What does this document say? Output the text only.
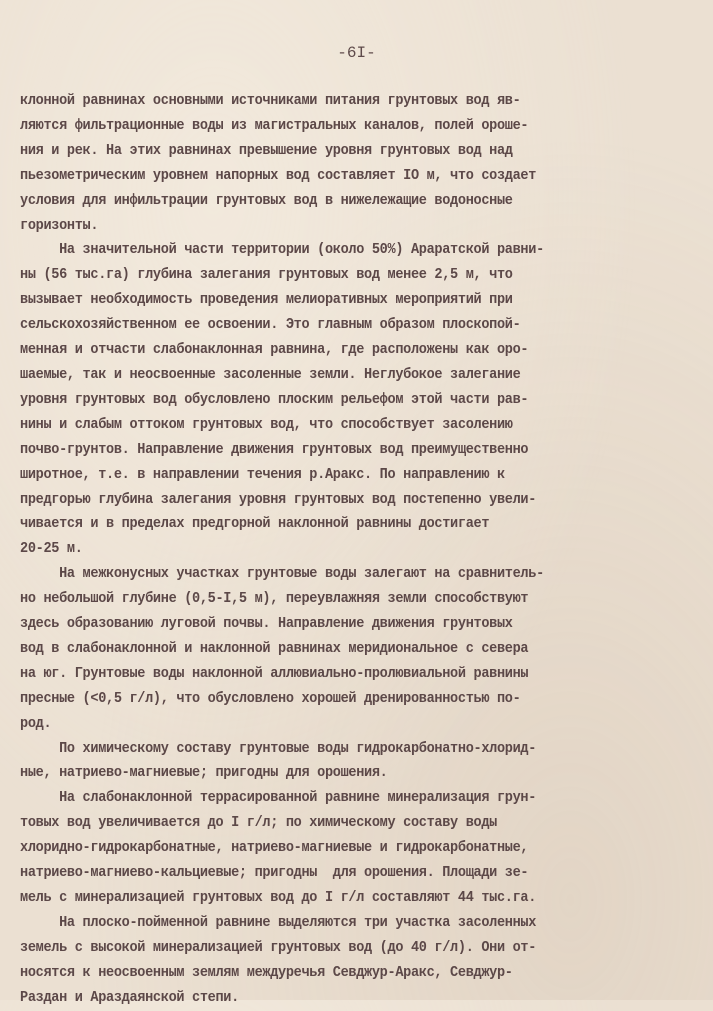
-6I-
клонной равнинах основными источниками питания грунтовых вод яв-
ляются фильтрационные воды из магистральных каналов, полей ороше-
ния и рек. На этих равнинах превышение уровня грунтовых вод над
пьезометрическим уровнем напорных вод составляет IO м, что создает
условия для инфильтрации грунтовых вод в нижележащие водоносные
горизонты.
На значительной части территории (около 50%) Араратской равни-
ны (56 тыс.га) глубина залегания грунтовых вод менее 2,5 м, что
вызывает необходимость проведения мелиоративных мероприятий при
сельскохозяйственном ее освоении. Это главным образом плоскопой-
менная и отчасти слабонаклонная равнина, где расположены как оро-
шаемые, так и неосвоенные засоленные земли. Неглубокое залегание
уровня грунтовых вод обусловлено плоским рельефом этой части рав-
нины и слабым оттоком грунтовых вод, что способствует засолению
почво-грунтов. Направление движения грунтовых вод преимущественно
широтное, т.е. в направлении течения р.Аракс. По направлению к
предгорью глубина залегания уровня грунтовых вод постепенно увели-
чивается и в пределах предгорной наклонной равнины достигает
20-25 м.
На межконусных участках грунтовые воды залегают на сравнитель-
но небольшой глубине (0,5-I,5 м), переувлажняя земли способствуют
здесь образованию луговой почвы. Направление движения грунтовых
вод в слабонаклонной и наклонной равнинах меридиональное с севера
на юг. Грунтовые воды наклонной аллювиально-пролювиальной равнины
пресные (<0,5 г/л), что обусловлено хорошей дренированностью по-
род.
По химическому составу грунтовые воды гидрокарбонатно-хлорид-
ные, натриево-магниевые; пригодны для орошения.
На слабонаклонной террасированной равнине минерализация грун-
товых вод увеличивается до I г/л; по химическому составу воды
хлоридно-гидрокарбонатные, натриево-магниевые и гидрокарбонатные,
натриево-магниево-кальциевые; пригодны  для орошения. Площади зе-
мель с минерализацией грунтовых вод до I г/л составляют 44 тыс.га.
На плоско-пойменной равнине выделяются три участка засоленных
земель с высокой минерализацией грунтовых вод (до 40 г/л). Они от-
носятся к неосвоенным землям междуречья Севджур-Аракс, Севджур-
Раздан и Араздаянской степи.
